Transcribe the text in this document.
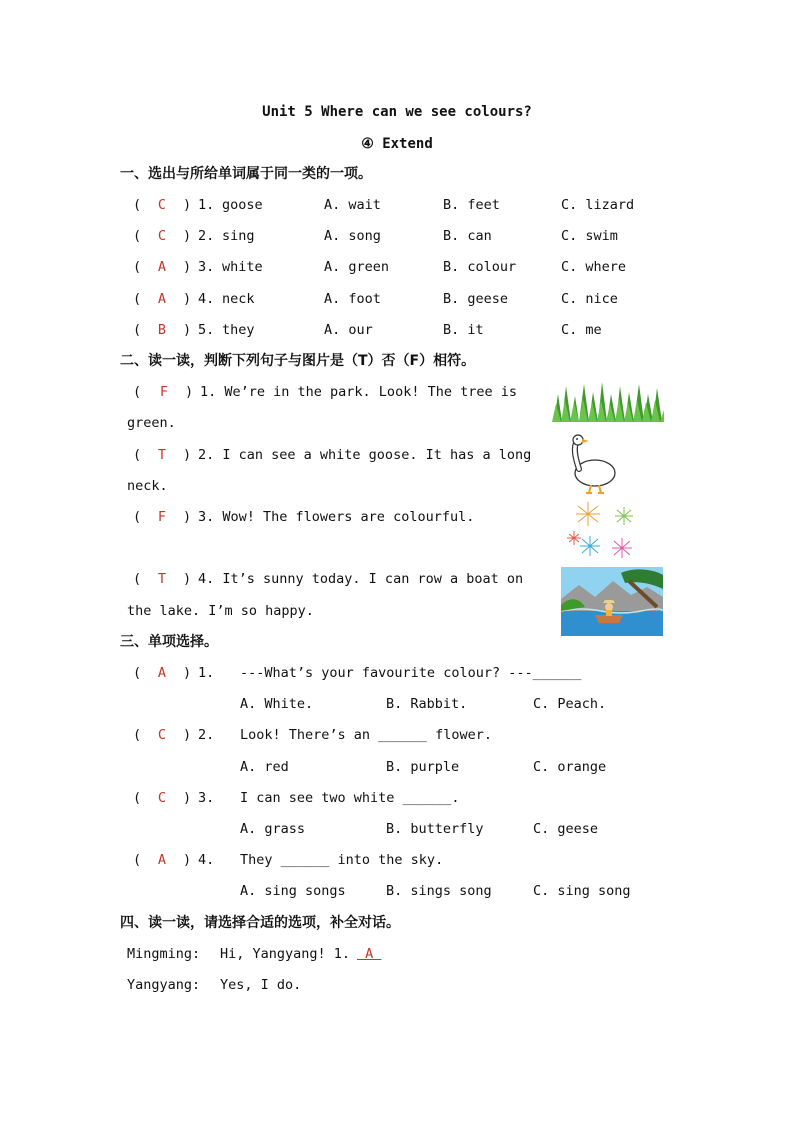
Unit 5 Where can we see colours?
④ Extend
一、选出与所给单词属于同一类的一项。
(	C	) 1. goose	A. wait	B. feet	C. lizard
(	C	) 2. sing	A. song	B. can	C. swim
(	A	) 3. white	A. green	B. colour	C. where
(	A	) 4. neck	A. foot	B. geese	C. nice
(	B	) 5. they	A. our	B. it	C. me
二、读一读，判断下列句子与图片是（T）否（F）相符。
(	F	) 1. We’re in the park. Look! The tree is
green.
(	T	) 2. I can see a white goose. It has a long
neck.
(	F	) 3. Wow! The flowers are colourful.
(	T	) 4. It’s sunny today. I can row a boat on
the lake. I’m so happy.
三、单项选择。
(	A	) 1. ---What’s your favourite colour? ---______
A. White.	B. Rabbit.	C. Peach.
(	C	) 2. Look! There’s an ______ flower.
A. red	B. purple	C. orange
(	C	) 3. I can see two white ______.
A. grass	B. butterfly	C. geese
(	A	) 4. They ______ into the sky.
A. sing songs	B. sings song	C. sing song
四、读一读，请选择合适的选项，补全对话。
Mingming: Hi, Yangyang! 1.
A
Yangyang: Yes, I do.
